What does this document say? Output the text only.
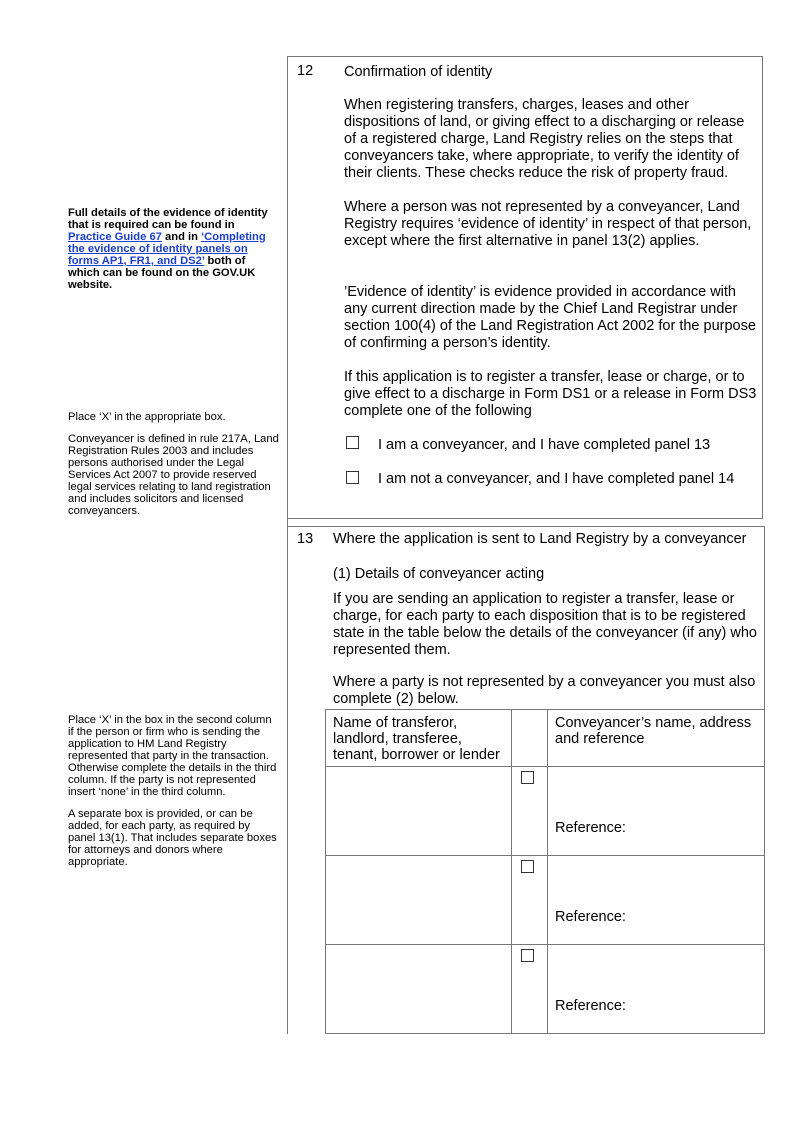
Full details of the evidence of identity that is required can be found in Practice Guide 67 and in ‘Completing the evidence of identity panels on forms AP1, FR1, and DS2’ both of which can be found on the GOV.UK website.

Place ‘X’ in the appropriate box.

Conveyancer is defined in rule 217A, Land Registration Rules 2003 and includes persons authorised under the Legal Services Act 2007 to provide reserved legal services relating to land registration and includes solicitors and licensed conveyancers.

Place ‘X’ in the box in the second column if the person or firm who is sending the application to HM Land Registry represented that party in the transaction. Otherwise complete the details in the third column. If the party is not represented insert ‘none’ in the third column.

A separate box is provided, or can be added, for each party, as required by panel 13(1). That includes separate boxes for attorneys and donors where appropriate.

12 Confirmation of identity
When registering transfers, charges, leases and other dispositions of land, or giving effect to a discharging or release of a registered charge, Land Registry relies on the steps that conveyancers take, where appropriate, to verify the identity of their clients. These checks reduce the risk of property fraud.
Where a person was not represented by a conveyancer, Land Registry requires ‘evidence of identity’ in respect of that person, except where the first alternative in panel 13(2) applies.
’Evidence of identity’ is evidence provided in accordance with any current direction made by the Chief Land Registrar under section 100(4) of the Land Registration Act 2002 for the purpose of confirming a person’s identity.
If this application is to register a transfer, lease or charge, or to give effect to a discharge in Form DS1 or a release in Form DS3 complete one of the following
I am a conveyancer, and I have completed panel 13
I am not a conveyancer, and I have completed panel 14
13 Where the application is sent to Land Registry by a conveyancer
(1) Details of conveyancer acting
If you are sending an application to register a transfer, lease or charge, for each party to each disposition that is to be registered state in the table below the details of the conveyancer (if any) who represented them.
Where a party is not represented by a conveyancer you must also complete (2) below.
Name of transferor, landlord, transferee, tenant, borrower or lender
Conveyancer’s name, address and reference
Reference:
Reference:
Reference:
